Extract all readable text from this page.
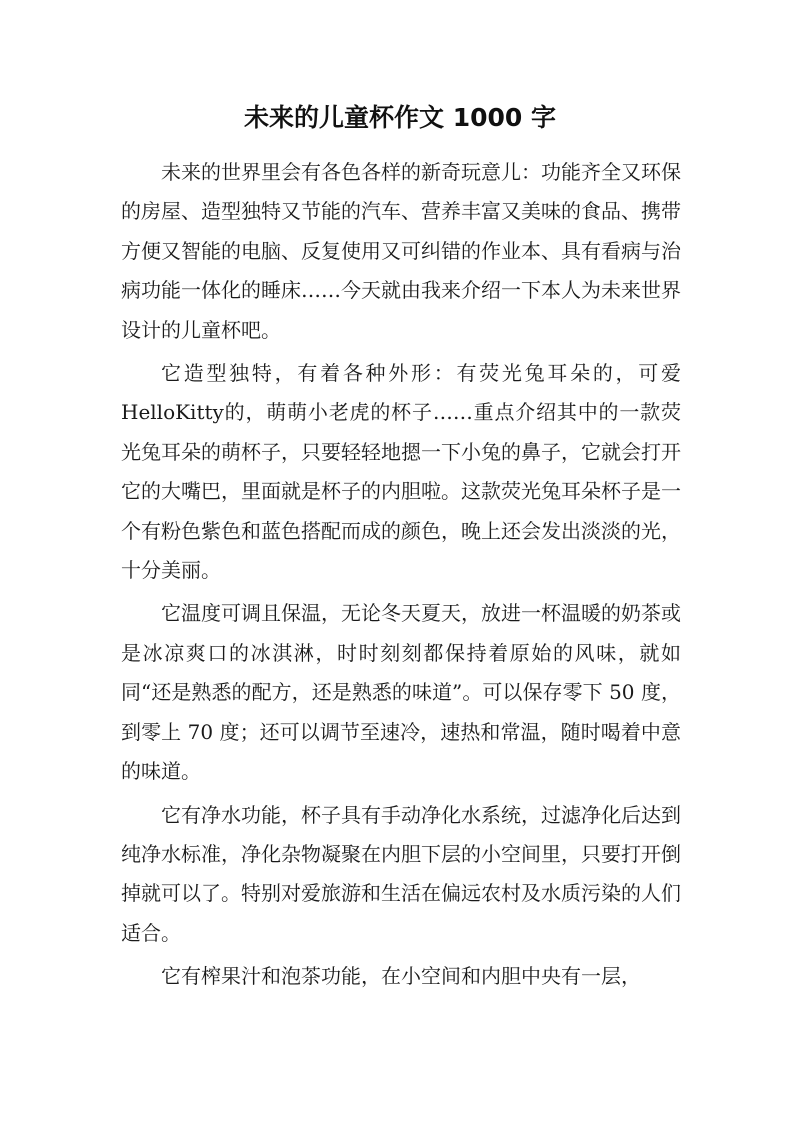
未来的儿童杯作文 1000 字

未来的世界里会有各色各样的新奇玩意儿：功能齐全又环保的房屋、造型独特又节能的汽车、营养丰富又美味的食品、携带方便又智能的电脑、反复使用又可纠错的作业本、具有看病与治病功能一体化的睡床……今天就由我来介绍一下本人为未来世界设计的儿童杯吧。

它造型独特，有着各种外形：有荧光兔耳朵的，可爱HelloKitty的，萌萌小老虎的杯子……重点介绍其中的一款荧光兔耳朵的萌杯子，只要轻轻地摁一下小兔的鼻子，它就会打开它的大嘴巴，里面就是杯子的内胆啦。这款荧光兔耳朵杯子是一个有粉色紫色和蓝色搭配而成的颜色，晚上还会发出淡淡的光，十分美丽。

它温度可调且保温，无论冬天夏天，放进一杯温暖的奶茶或是冰凉爽口的冰淇淋，时时刻刻都保持着原始的风味，就如同“还是熟悉的配方，还是熟悉的味道”。可以保存零下 50 度，到零上 70 度；还可以调节至速冷，速热和常温，随时喝着中意的味道。

它有净水功能，杯子具有手动净化水系统，过滤净化后达到纯净水标准，净化杂物凝聚在内胆下层的小空间里，只要打开倒掉就可以了。特别对爱旅游和生活在偏远农村及水质污染的人们适合。

它有榨果汁和泡茶功能，在小空间和内胆中央有一层，
